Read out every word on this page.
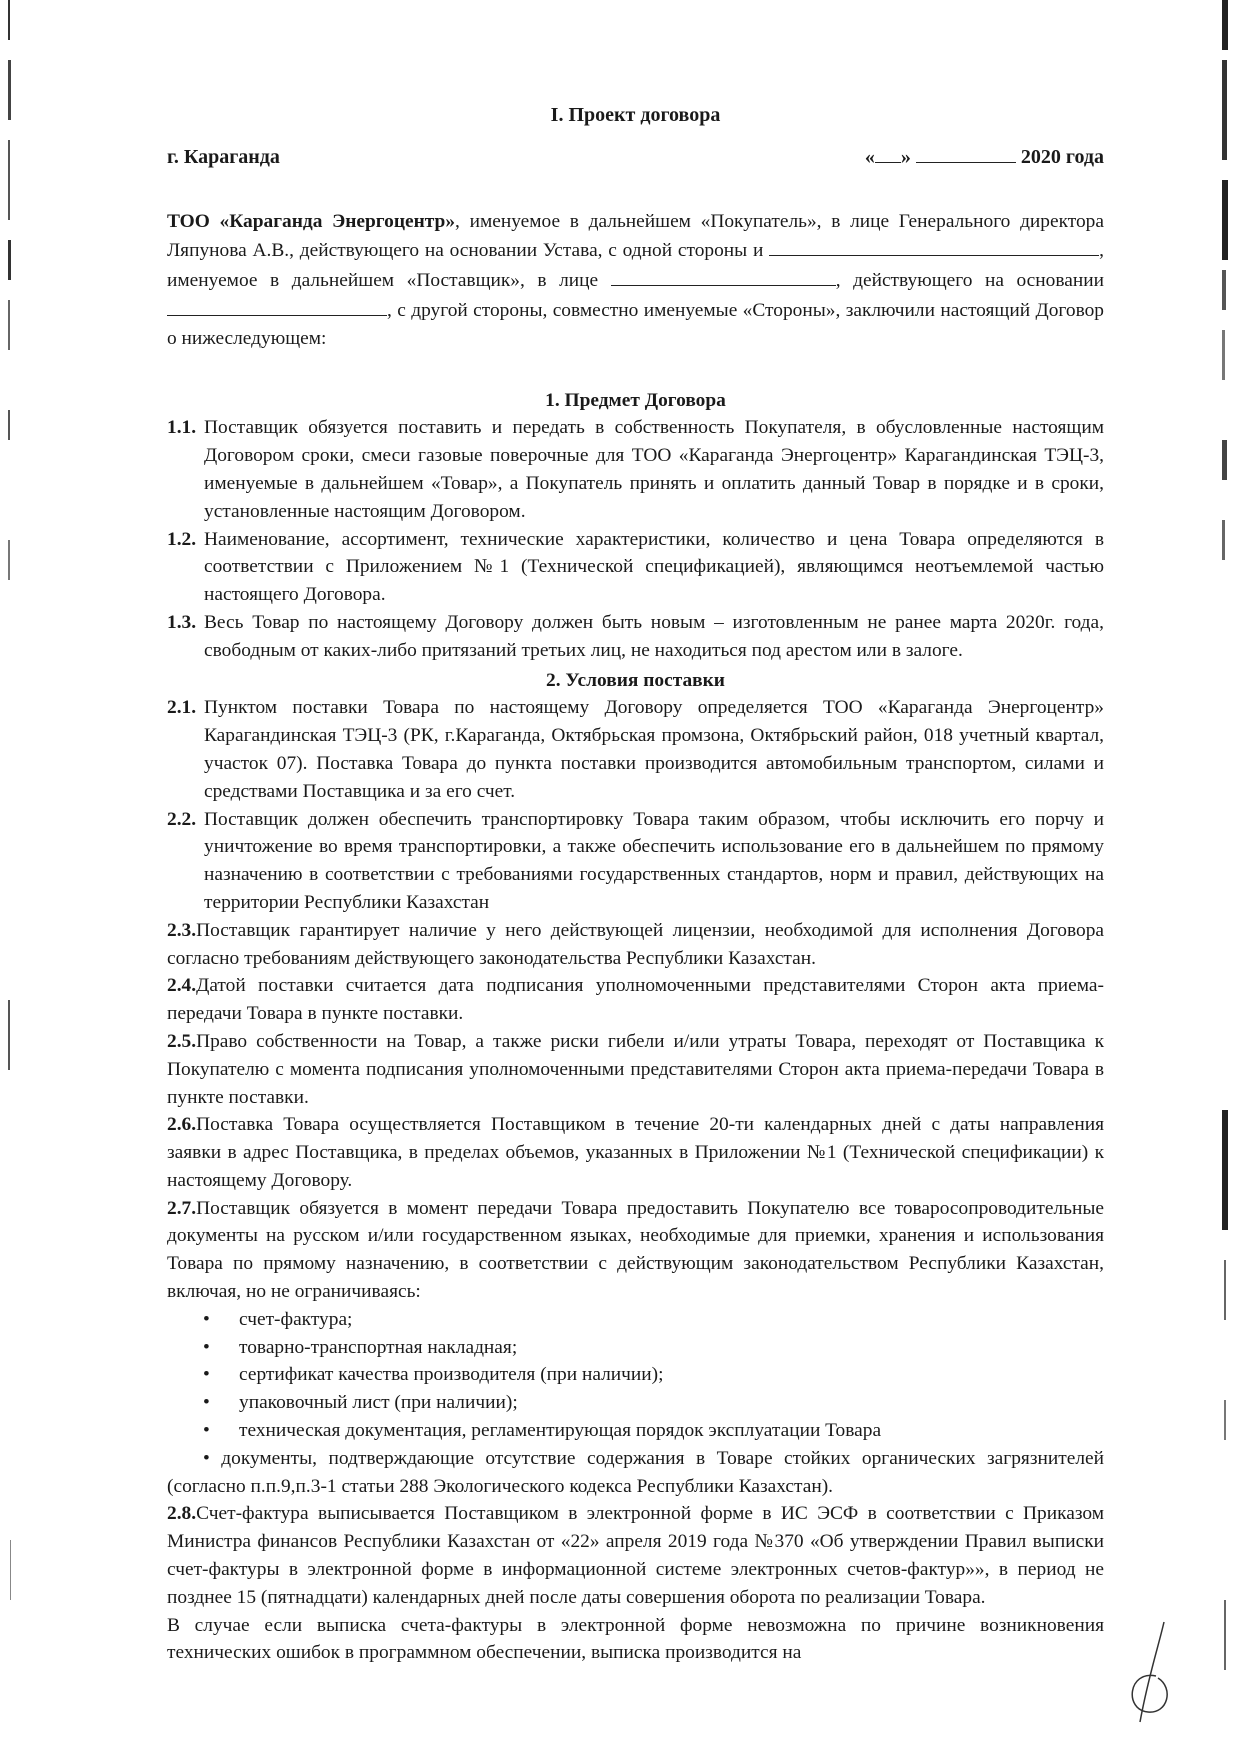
I. Проект договора
г. Караганда	« »	2020 года

ТОО «Караганда Энергоцентр», именуемое в дальнейшем «Покупатель», в лице Генерального директора Ляпунова А.В., действующего на основании Устава, с одной стороны и	, именуемое в дальнейшем «Поставщик», в лице	, действующего на основании , с другой стороны, совместно именуемые «Стороны», заключили настоящий Договор о нижеследующем:

1. Предмет Договора
1.1. Поставщик обязуется поставить и передать в собственность Покупателя, в обусловленные настоящим Договором сроки, смеси газовые поверочные для ТОО «Караганда Энергоцентр» Карагандинская ТЭЦ-3, именуемые в дальнейшем «Товар», а Покупатель принять и оплатить данный Товар в порядке и в сроки, установленные настоящим Договором.
1.2. Наименование, ассортимент, технические характеристики, количество и цена Товара определяются в соответствии с Приложением №1 (Технической спецификацией), являющимся неотъемлемой частью настоящего Договора.
1.3. Весь Товар по настоящему Договору должен быть новым – изготовленным не ранее марта 2020г. года, свободным от каких-либо притязаний третьих лиц, не находиться под арестом или в залоге.
2. Условия поставки
2.1. Пунктом поставки Товара по настоящему Договору определяется ТОО «Караганда Энергоцентр» Карагандинская ТЭЦ-3 (РК, г.Караганда, Октябрьская промзона, Октябрьский район, 018 учетный квартал, участок 07). Поставка Товара до пункта поставки производится автомобильным транспортом, силами и средствами Поставщика и за его счет.
2.2. Поставщик должен обеспечить транспортировку Товара таким образом, чтобы исключить его порчу и уничтожение во время транспортировки, а также обеспечить использование его в дальнейшем по прямому назначению в соответствии с требованиями государственных стандартов, норм и правил, действующих на территории Республики Казахстан

2.3.Поставщик гарантирует наличие у него действующей лицензии, необходимой для исполнения Договора согласно требованиям действующего законодательства Республики Казахстан.

2.4.Датой поставки считается дата подписания уполномоченными представителями Сторон акта приема-передачи Товара в пункте поставки.

2.5.Право собственности на Товар, а также риски гибели и/или утраты Товара, переходят от Поставщика к Покупателю с момента подписания уполномоченными представителями Сторон акта приема-передачи Товара в пункте поставки.

2.6.Поставка Товара осуществляется Поставщиком в течение 20-ти календарных дней с даты направления заявки в адрес Поставщика, в пределах объемов, указанных в Приложении №1 (Технической спецификации) к настоящему Договору.

2.7.Поставщик обязуется в момент передачи Товара предоставить Покупателю все товаросопроводительные документы на русском и/или государственном языках, необходимые для приемки, хранения и использования Товара по прямому назначению, в соответствии с действующим законодательством Республики Казахстан, включая, но не ограничиваясь:

•	счет-фактура;
•	товарно-транспортная накладная;
•	сертификат качества производителя (при наличии);
•	упаковочный лист (при наличии);
•	техническая документация, регламентирующая порядок эксплуатации Товара

• документы, подтверждающие отсутствие содержания в Товаре стойких органических загрязнителей (согласно п.п.9,п.3-1 статьи 288 Экологического кодекса Республики Казахстан).

2.8.Счет-фактура выписывается Поставщиком в электронной форме в ИС ЭСФ в соответствии с Приказом Министра финансов Республики Казахстан от «22» апреля 2019 года №370 «Об утверждении Правил выписки счет-фактуры в электронной форме в информационной системе электронных счетов-фактур»», в период не позднее 15 (пятнадцати) календарных дней после даты совершения оборота по реализации Товара.

В случае если выписка счета-фактуры в электронной форме невозможна по причине возникновения технических ошибок в программном обеспечении, выписка производится на
